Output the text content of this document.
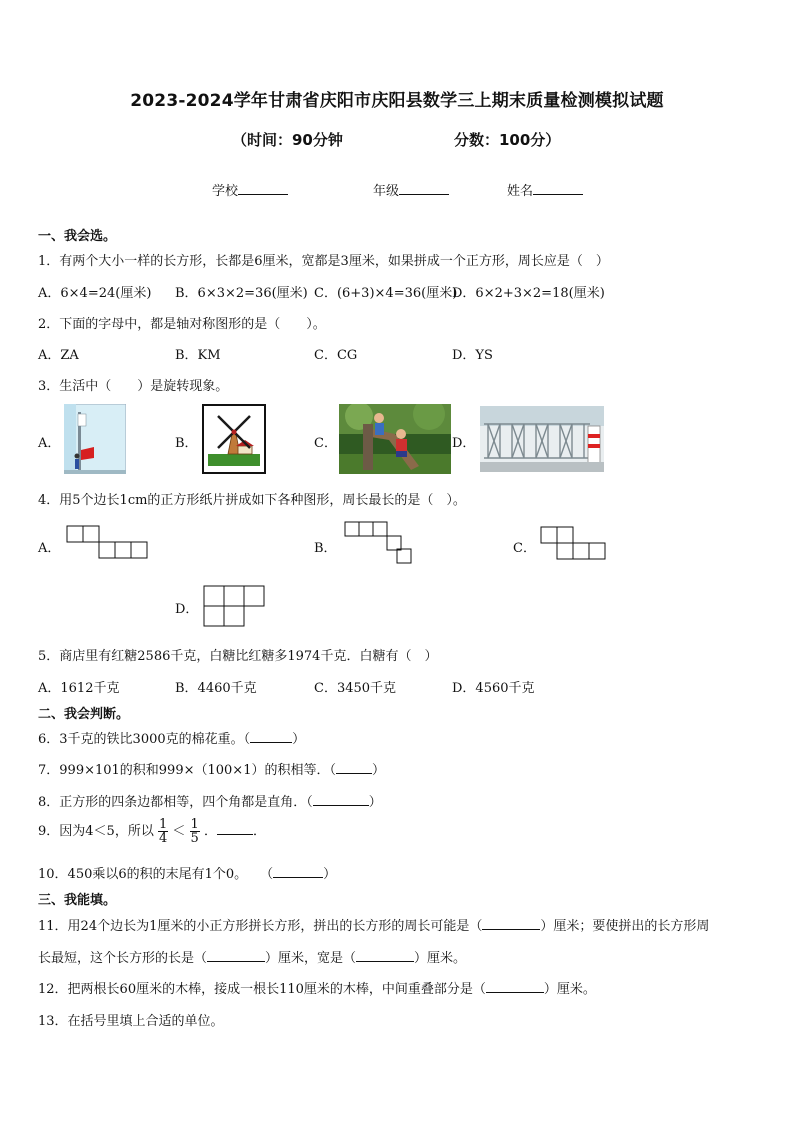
2023-2024学年甘肃省庆阳市庆阳县数学三上期末质量检测模拟试题
（时间：90分钟	分数：100分）
学校	年级	姓名
一、我会选。
1．有两个大小一样的长方形，长都是6厘米，宽都是3厘米，如果拼成一个正方形，周长应是（　）
A．6×4=24(厘米) B．6×3×2=36(厘米) C．(6+3)×4=36(厘米)
D．6×2+3×2=18(厘米)
2．下面的字母中，都是轴对称图形的是（　　）。
A．ZA	B．KM	C．CG	D．YS
3．生活中（　　）是旋转现象。
A．	B．	C．	D．
4．用5个边长1cm的正方形纸片拼成如下各种图形，周长最长的是（　）。
A．	B．	C．
D．
5．商店里有红糖2586千克，白糖比红糖多1974千克．白糖有（　）
A．1612千克	B．4460千克	C．3450千克	D．4560千克
二、我会判断。
6．3千克的铁比3000克的棉花重。（	）
7．999×101的积和999×（100×1）的积相等．（	）
8．正方形的四条边都相等，四个角都是直角．（	）
9．因为4＜5，所以 $\frac{1}{4} < \frac{1}{5}$ ．	．
10．450乘以6的积的末尾有1个0。　　（	）
三、我能填。
11．用24个边长为1厘米的小正方形拼长方形，拼出的长方形的周长可能是（	）厘米；要使拼出的长方形周
长最短，这个长方形的长是（	）厘米，宽是（	）厘米。
12．把两根长60厘米的木棒，接成一根长110厘米的木棒，中间重叠部分是（	）厘米。
13．在括号里填上合适的单位。
